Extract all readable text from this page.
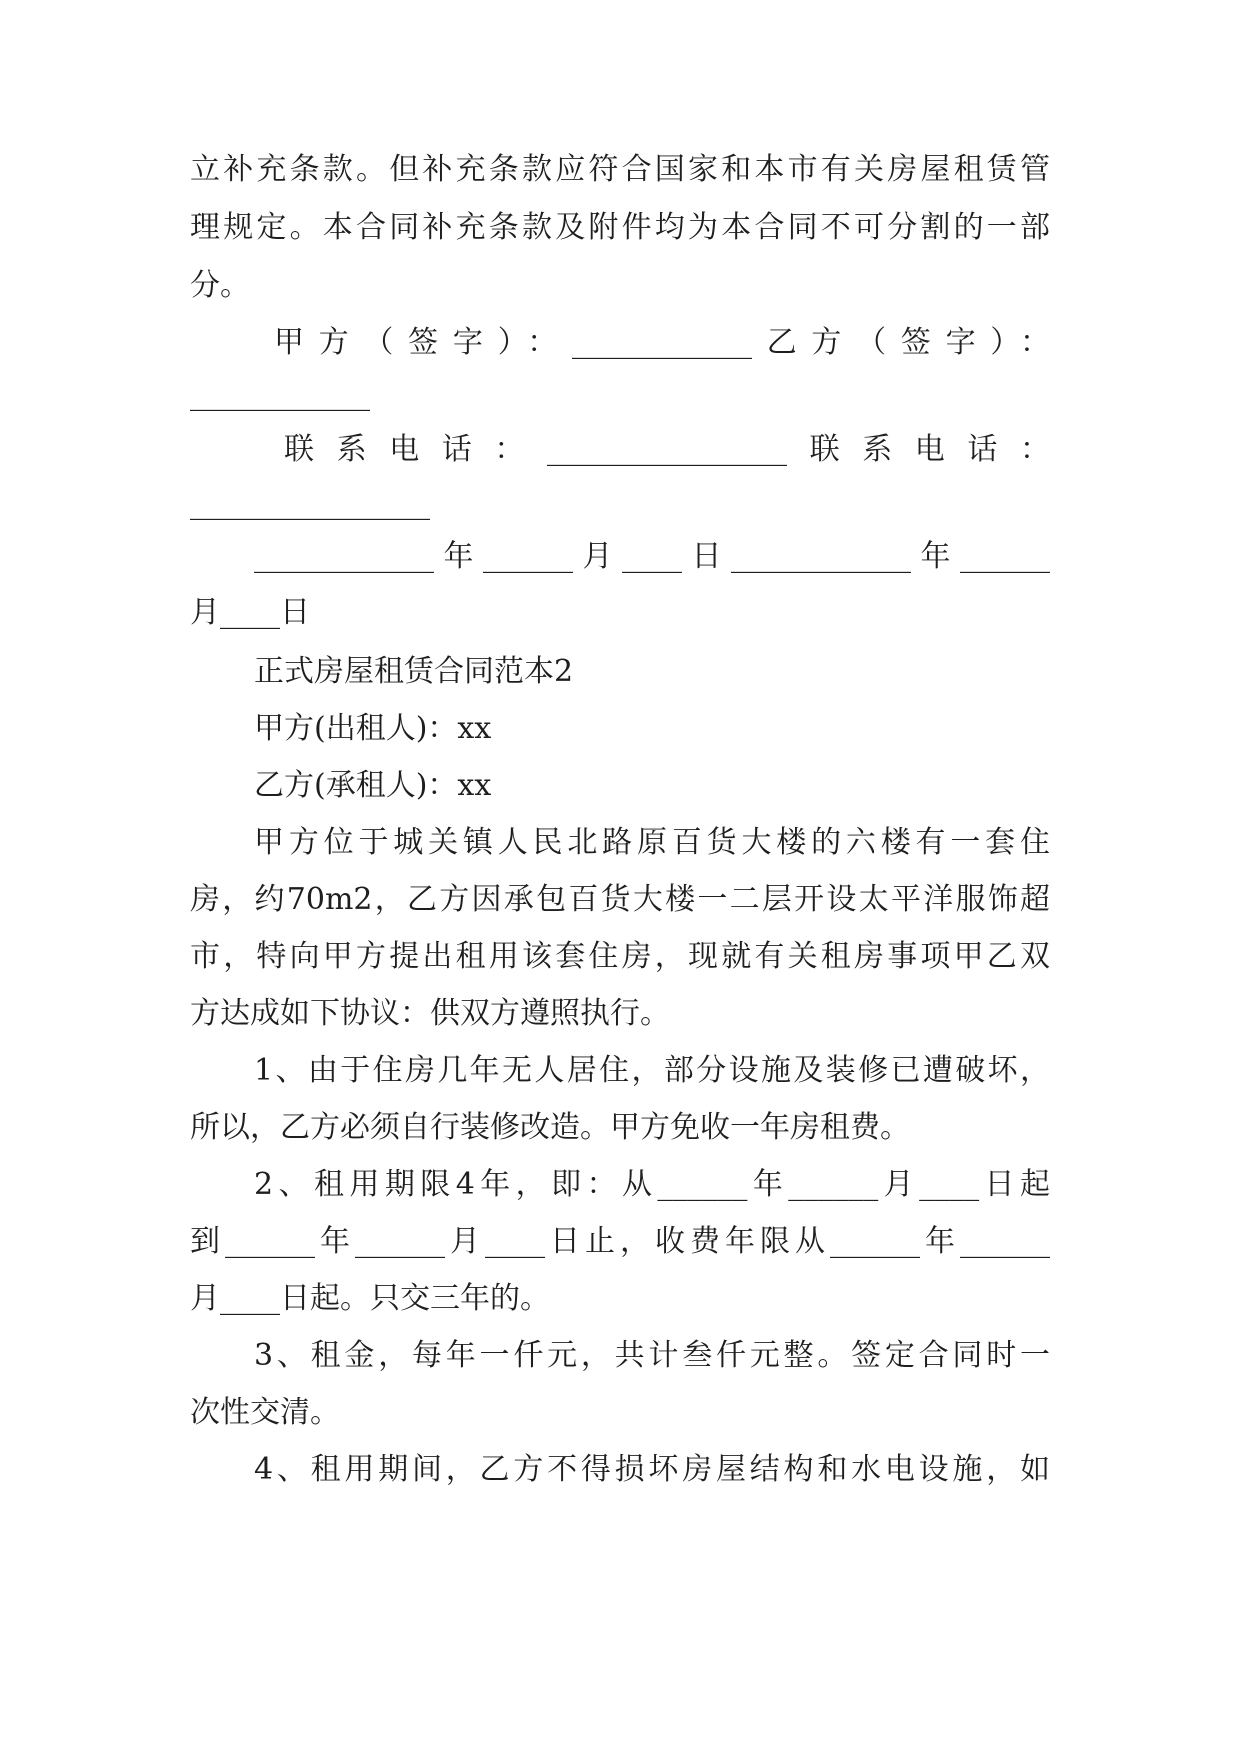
立补充条款。但补充条款应符合国家和本市有关房屋租赁管
理规定。本合同补充条款及附件均为本合同不可分割的一部
分。
甲方（签字）：____________乙方（签字）：
____________
联系电话：________________联系电话：
________________
____________年______月____日____________年______
月____日
正式房屋租赁合同范本2
甲方(出租人)：xx
乙方(承租人)：xx
甲方位于城关镇人民北路原百货大楼的六楼有一套住
房，约70m2，乙方因承包百货大楼一二层开设太平洋服饰超
市，特向甲方提出租用该套住房，现就有关租房事项甲乙双
方达成如下协议：供双方遵照执行。
1、由于住房几年无人居住，部分设施及装修已遭破坏，
所以，乙方必须自行装修改造。甲方免收一年房租费。
2、租用期限4年，即：从______年______月____日起
到______年______月____日止，收费年限从______年______
月____日起。只交三年的。
3、租金，每年一仟元，共计叁仟元整。签定合同时一
次性交清。
4、租用期间，乙方不得损坏房屋结构和水电设施，如
